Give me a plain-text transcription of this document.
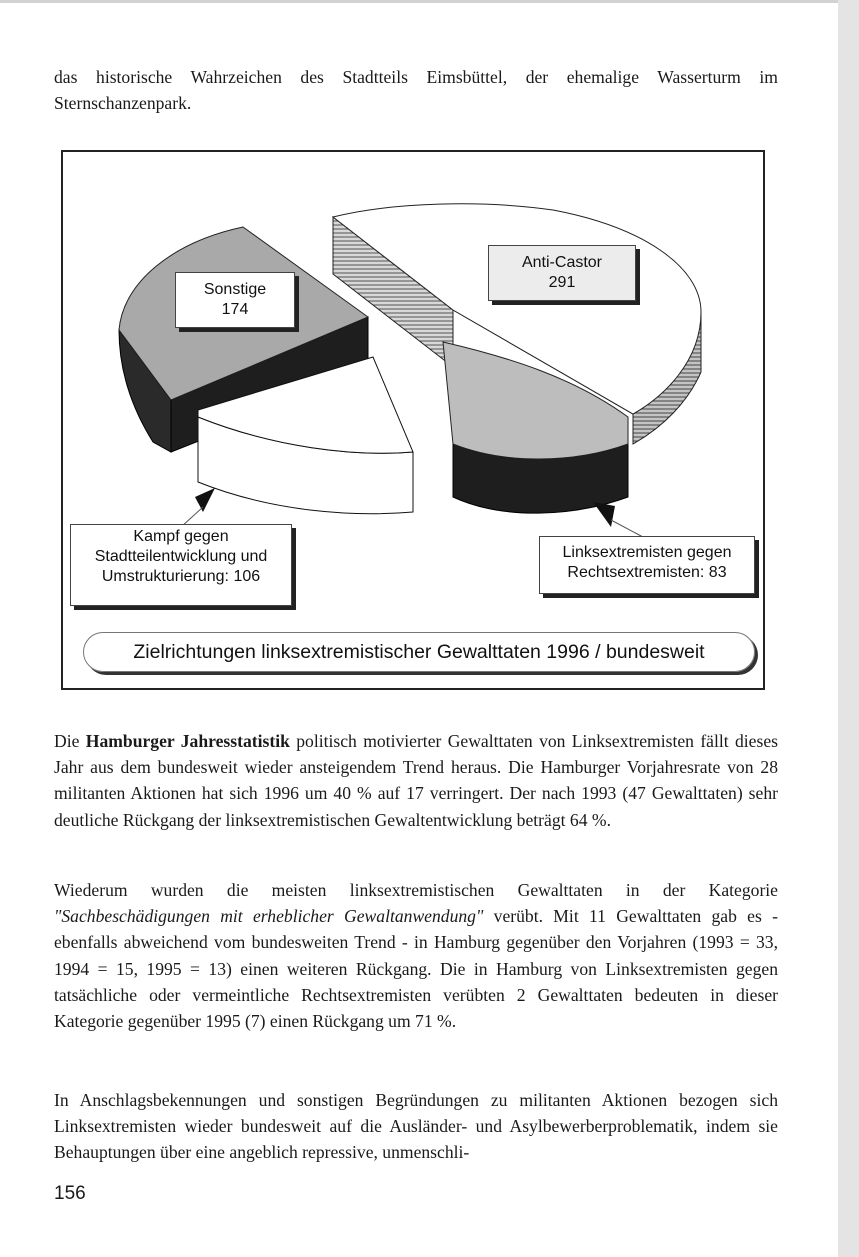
das historische Wahrzeichen des Stadtteils Eimsbüttel, der ehemalige Wasserturm im Sternschanzenpark.

Sonstige
174
Anti-Castor
291
Kampf gegen
Stadtteilentwicklung und
Umstrukturierung: 106
Linksextremisten gegen
Rechtsextremisten: 83
Zielrichtungen linksextremistischer Gewalttaten 1996 / bundesweit

Die Hamburger Jahresstatistik politisch motivierter Gewalttaten von Linksextremisten fällt dieses Jahr aus dem bundesweit wieder ansteigendem Trend heraus. Die Hamburger Vorjahresrate von 28 militanten Aktionen hat sich 1996 um 40 % auf 17 verringert. Der nach 1993 (47 Gewalttaten) sehr deutliche Rückgang der linksextremistischen Gewaltentwicklung beträgt 64 %.

Wiederum wurden die meisten linksextremistischen Gewalttaten in der Kategorie "Sachbeschädigungen mit erheblicher Gewaltanwendung" verübt. Mit 11 Gewalttaten gab es - ebenfalls abweichend vom bundesweiten Trend - in Hamburg gegenüber den Vorjahren (1993 = 33, 1994 = 15, 1995 = 13) einen weiteren Rückgang. Die in Hamburg von Linksextremisten gegen tatsächliche oder vermeintliche Rechtsextremisten verübten 2 Gewalttaten bedeuten in dieser Kategorie gegenüber 1995 (7) einen Rückgang um 71 %.

In Anschlagsbekennungen und sonstigen Begründungen zu militanten Aktionen bezogen sich Linksextremisten wieder bundesweit auf die Ausländer- und Asylbewerberproblematik, indem sie Behauptungen über eine angeblich repressive, unmenschli-

156
